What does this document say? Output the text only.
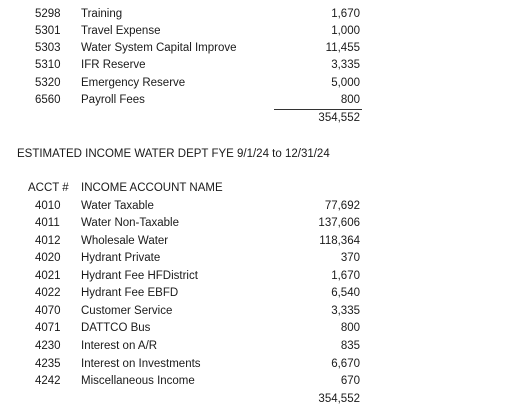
5298	Training	1,670
5301	Travel Expense	1,000
5303	Water System Capital Improve	11,455
5310	IFR Reserve	3,335
5320	Emergency Reserve	5,000
6560	Payroll Fees	800
354,552
ESTIMATED INCOME WATER DEPT FYE 9/1/24 to 12/31/24
ACCT #	INCOME ACCOUNT NAME
4010	Water Taxable	77,692
4011	Water Non-Taxable	137,606
4012	Wholesale Water	118,364
4020	Hydrant Private	370
4021	Hydrant Fee HFDistrict	1,670
4022	Hydrant Fee EBFD	6,540
4070	Customer Service	3,335
4071	DATTCO Bus	800
4230	Interest on A/R	835
4235	Interest on Investments	6,670
4242	Miscellaneous Income	670
354,552
